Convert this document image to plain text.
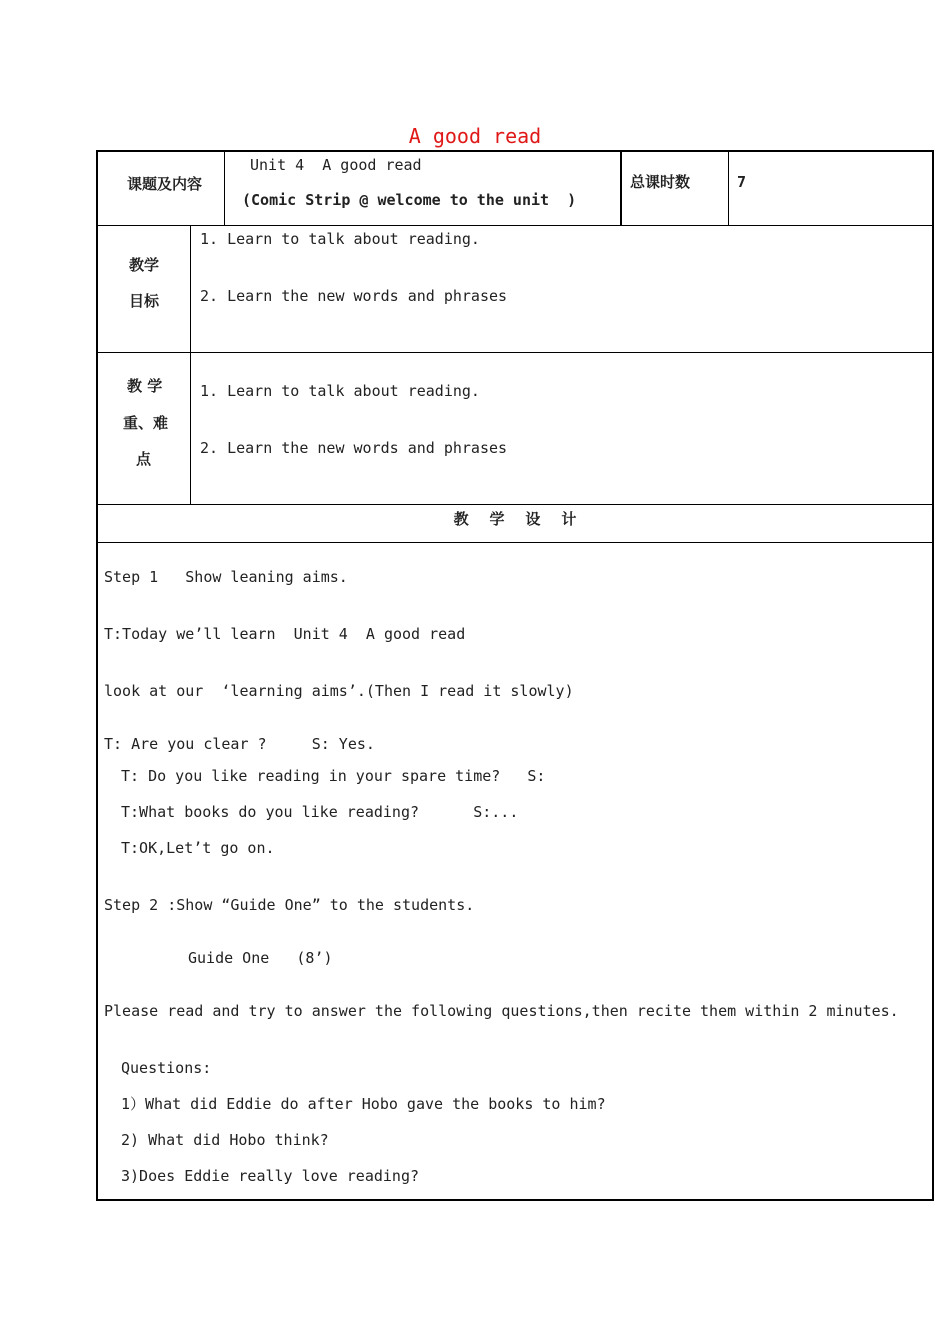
A good read
课题及内容
Unit 4  A good read
(Comic Strip @ welcome to the unit  )
总课时数	7
教学
目标
1. Learn to talk about reading.
2. Learn the new words and phrases
教 学
重、难
点
1. Learn to talk about reading.
2. Learn the new words and phrases
教    学    设    计
Step 1   Show leaning aims.
T:Today we’ll learn  Unit 4  A good read
look at our  ‘learning aims’.(Then I read it slowly)
T: Are you clear ?     S: Yes.
T: Do you like reading in your spare time?   S:
T:What books do you like reading?      S:...
T:OK,Let’t go on.
Step 2 :Show “Guide One” to the students.
Guide One   (8’)
Please read and try to answer the following questions,then recite them within 2 minutes.
Questions:
1）What did Eddie do after Hobo gave the books to him?
2) What did Hobo think?
3)Does Eddie really love reading?
